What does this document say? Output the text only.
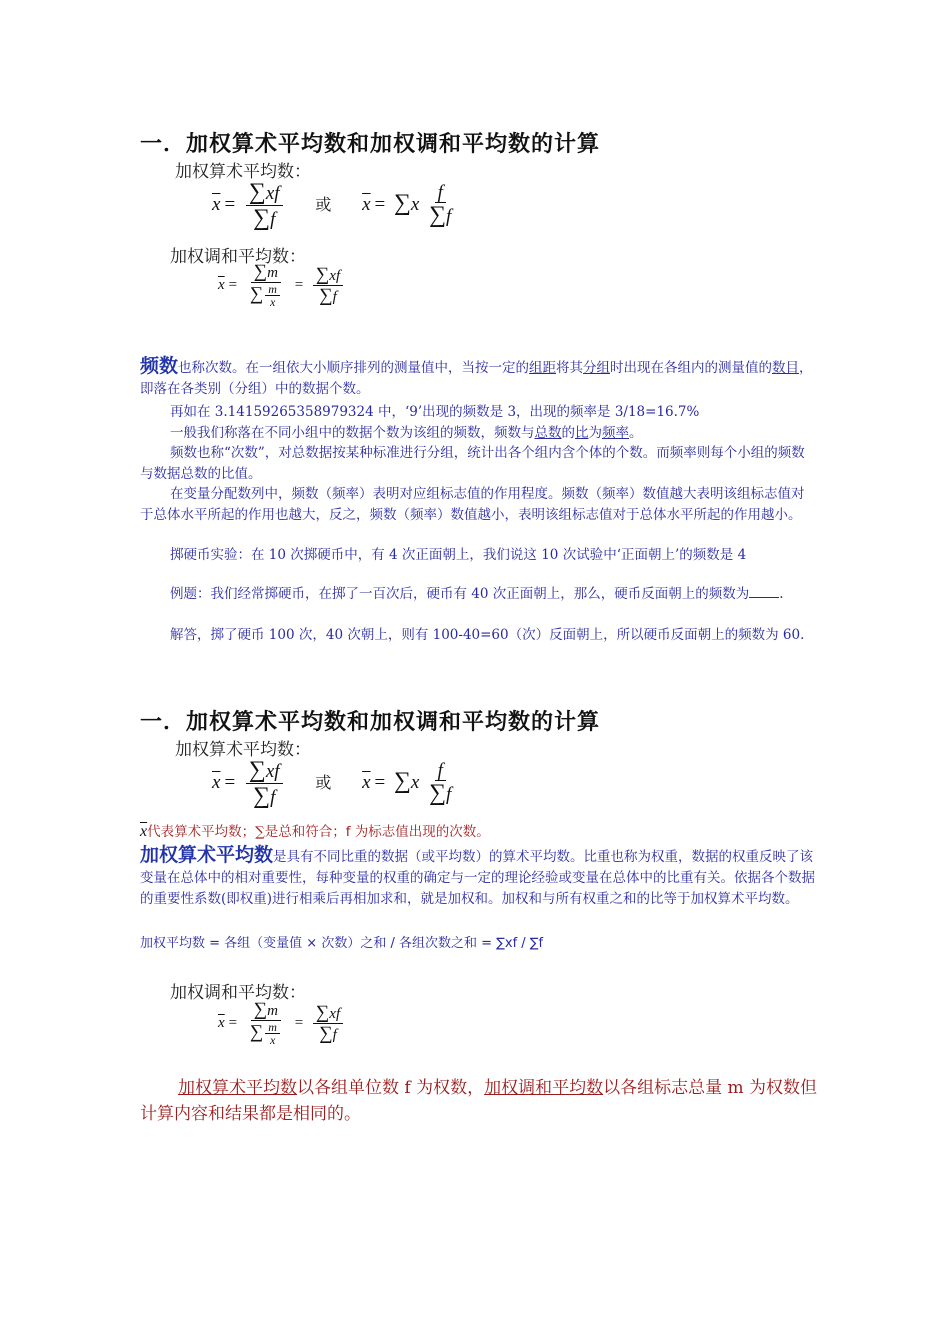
一．加权算术平均数和加权调和平均数的计算
加权算术平均数：
$\overline{x} = \frac{\sum xf}{\sum f}$ 或 $\overline{x} = \sum x \frac{f}{\sum f}$
加权调和平均数：
$\overline{x} = \frac{\sum m}{\sum \frac{m}{x}} = \frac{\sum xf}{\sum f}$
频数也称次数。在一组依大小顺序排列的测量值中，当按一定的组距将其分组时出现在各组内的测量值的数目，即落在各类别（分组）中的数据个数。
再如在 3.14159265358979324 中，‘9’出现的频数是 3，出现的频率是 3/18=16.7%
一般我们称落在不同小组中的数据个数为该组的频数，频数与总数的比为频率。
频数也称“次数”，对总数据按某种标准进行分组，统计出各个组内含个体的个数。而频率则每个小组的频数与数据总数的比值。
在变量分配数列中，频数（频率）表明对应组标志值的作用程度。频数（频率）数值越大表明该组标志值对于总体水平所起的作用也越大，反之，频数（频率）数值越小，表明该组标志值对于总体水平所起的作用越小。
掷硬币实验：在 10 次掷硬币中，有 4 次正面朝上，我们说这 10 次试验中‘正面朝上’的频数是 4
例题：我们经常掷硬币，在掷了一百次后，硬币有 40 次正面朝上，那么，硬币反面朝上的频数为 .
解答，掷了硬币 100 次，40 次朝上，则有 100-40=60（次）反面朝上，所以硬币反面朝上的频数为 60.
一．加权算术平均数和加权调和平均数的计算
加权算术平均数：
$\overline{x} = \frac{\sum xf}{\sum f}$ 或 $\overline{x} = \sum x \frac{f}{\sum f}$
$\overline{x}$代表算术平均数；∑是总和符合；f 为标志值出现的次数。
加权算术平均数是具有不同比重的数据（或平均数）的算术平均数。比重也称为权重，数据的权重反映了该变量在总体中的相对重要性，每种变量的权重的确定与一定的理论经验或变量在总体中的比重有关。依据各个数据的重要性系数(即权重)进行相乘后再相加求和，就是加权和。加权和与所有权重之和的比等于加权算术平均数。
加权平均数 = 各组（变量值 × 次数）之和 / 各组次数之和 = ∑xf / ∑f
加权调和平均数：
$\overline{x} = \frac{\sum m}{\sum \frac{m}{x}} = \frac{\sum xf}{\sum f}$
加权算术平均数以各组单位数 f 为权数，加权调和平均数以各组标志总量 m 为权数但计算内容和结果都是相同的。
